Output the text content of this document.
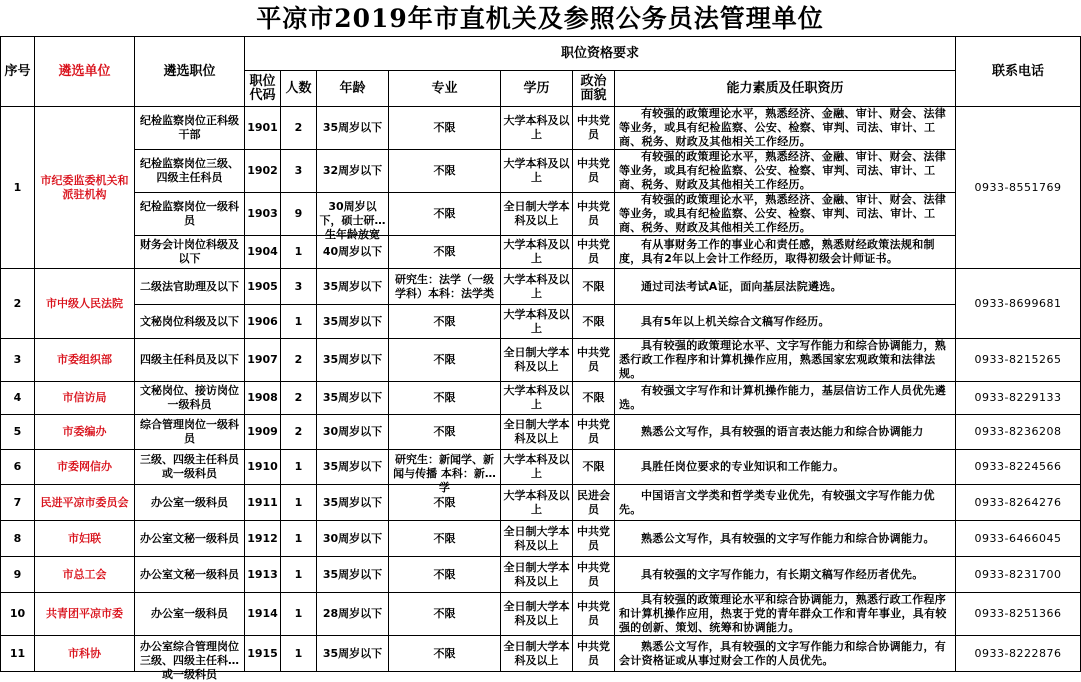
平凉市2019年市直机关及参照公务员法管理单位
序号	遴选单位	遴选职位	职位资格要求							联系电话
			职位代码	人数	年龄	专业	学历	政治面貌	能力素质及任职资历	

1	市纪委监委机关和派驻机构	纪检监察岗位正科级干部	1901	2	35周岁以下	不限	大学本科及以上	中共党员	有较强的政策理论水平，熟悉经济、金融、审计、财会、法律等业务，或具有纪检监察、公安、检察、审判、司法、审计、工商、税务、财政及其他相关工作经历。	0933-8551769

		纪检监察岗位三级、四级主任科员	1902	3	32周岁以下	不限	大学本科及以上	中共党员	有较强的政策理论水平，熟悉经济、金融、审计、财会、法律等业务，或具有纪检监察、公安、检察、审判、司法、审计、工商、税务、财政及其他相关工作经历。	

		纪检监察岗位一级科员	1903	9	30周岁以下，硕士研究生年龄放宽	不限	全日制大学本科及以上	中共党员	有较强的政策理论水平，熟悉经济、金融、审计、财会、法律等业务，或具有纪检监察、公安、检察、审判、司法、审计、工商、税务、财政及其他相关工作经历。	

		财务会计岗位科级及以下	1904	1	40周岁以下	不限	大学本科及以上	中共党员	有从事财务工作的事业心和责任感，熟悉财经政策法规和制度，具有2年以上会计工作经历，取得初级会计师证书。	

2	市中级人民法院	二级法官助理及以下	1905	3	35周岁以下	研究生：法学（一级学科）本科：法学类	大学本科及以上	不限	通过司法考试A证，面向基层法院遴选。	0933-8699681

		文秘岗位科级及以下	1906	1	35周岁以下	不限	大学本科及以上	不限	具有5年以上机关综合文稿写作经历。	

3	市委组织部	四级主任科员及以下	1907	2	35周岁以下	不限	全日制大学本科及以上	中共党员	具有较强的政策理论水平、文字写作能力和综合协调能力，熟悉行政工作程序和计算机操作应用，熟悉国家宏观政策和法律法规。	0933-8215265

4	市信访局	文秘岗位、接访岗位一级科员	1908	2	35周岁以下	不限	大学本科及以上	不限	有较强文字写作和计算机操作能力，基层信访工作人员优先遴选。	0933-8229133

5	市委编办	综合管理岗位一级科员	1909	2	30周岁以下	不限	全日制大学本科及以上	中共党员	熟悉公文写作，具有较强的语言表达能力和综合协调能力	0933-8236208

6	市委网信办	三级、四级主任科员或一级科员	1910	1	35周岁以下	研究生：新闻学、新闻与传播 本科：新闻学	大学本科及以上	不限	具胜任岗位要求的专业知识和工作能力。	0933-8224566

7	民进平凉市委员会	办公室一级科员	1911	1	35周岁以下	不限	大学本科及以上	民进会员	中国语言文学类和哲学类专业优先，有较强文字写作能力优先。	0933-8264276

8	市妇联	办公室文秘一级科员	1912	1	30周岁以下	不限	全日制大学本科及以上	中共党员	熟悉公文写作，具有较强的文字写作能力和综合协调能力。	0933-6466045

9	市总工会	办公室文秘一级科员	1913	1	35周岁以下	不限	全日制大学本科及以上	中共党员	具有较强的文字写作能力，有长期文稿写作经历者优先。	0933-8231700

10	共青团平凉市委	办公室一级科员	1914	1	28周岁以下	不限	全日制大学本科及以上	中共党员	具有较强的政策理论水平和综合协调能力，熟悉行政工作程序和计算机操作应用，热衷于党的青年群众工作和青年事业，具有较强的创新、策划、统筹和协调能力。	0933-8251366

11	市科协	办公室综合管理岗位三级、四级主任科员或一级科员	1915	1	35周岁以下	不限	全日制大学本科及以上	中共党员	熟悉公文写作，具有较强的文字写作能力和综合协调能力，有会计资格证或从事过财会工作的人员优先。	0933-8222876
